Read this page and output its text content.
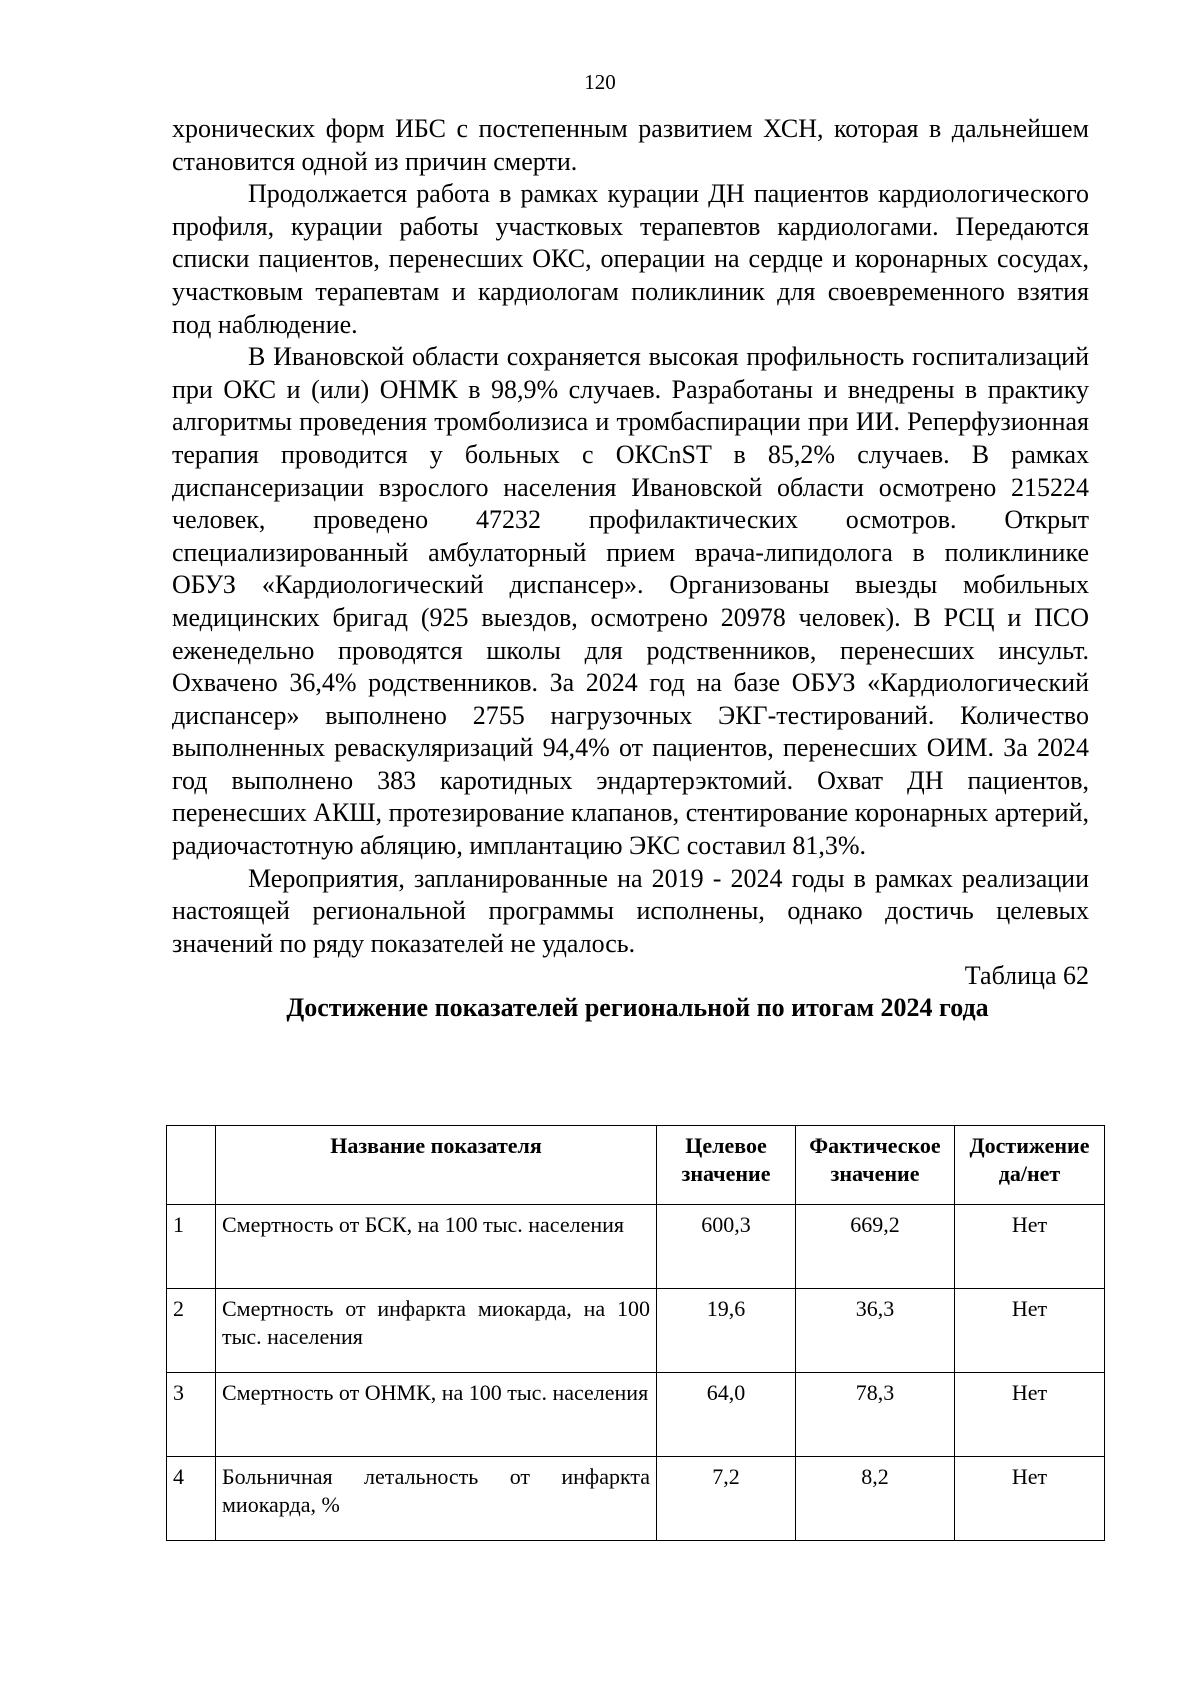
120

хронических форм ИБС с постепенным развитием ХСН, которая в дальнейшем становится одной из причин смерти.

Продолжается работа в рамках курации ДН пациентов кардиологического профиля, курации работы участковых терапевтов кардиологами. Передаются списки пациентов, перенесших ОКС, операции на сердце и коронарных сосудах, участковым терапевтам и кардиологам поликлиник для своевременного взятия под наблюдение.

В Ивановской области сохраняется высокая профильность госпитализаций при ОКС и (или) ОНМК в 98,9% случаев. Разработаны и внедрены в практику алгоритмы проведения тромболизиса и тромбаспирации при ИИ. Реперфузионная терапия проводится у больных с ОКСnST в 85,2% случаев. В рамках диспансеризации взрослого населения Ивановской области осмотрено 215224 человек, проведено 47232 профилактических осмотров. Открыт специализированный амбулаторный прием врача-липидолога в поликлинике ОБУЗ «Кардиологический диспансер». Организованы выезды мобильных медицинских бригад (925 выездов, осмотрено 20978 человек). В РСЦ и ПСО еженедельно проводятся школы для родственников, перенесших инсульт. Охвачено 36,4% родственников. За 2024 год на базе ОБУЗ «Кардиологический диспансер» выполнено 2755 нагрузочных ЭКГ-тестирований. Количество выполненных реваскуляризаций 94,4% от пациентов, перенесших ОИМ. За 2024 год выполнено 383 каротидных эндартерэктомий. Охват ДН пациентов, перенесших АКШ, протезирование клапанов, стентирование коронарных артерий, радиочастотную абляцию, имплантацию ЭКС составил 81,3%.

Мероприятия, запланированные на 2019 - 2024 годы в рамках реализации настоящей региональной программы исполнены, однако достичь целевых значений по ряду показателей не удалось.

Таблица 62

Достижение показателей региональной по итогам 2024 года

	Название показателя	Целевое значение	Фактическое значение	Достижение да/нет
1	Смертность от БСК, на 100 тыс. населения	600,3	669,2	Нет
2	Смертность от инфаркта миокарда, на 100 тыс. населения	19,6	36,3	Нет
3	Смертность от ОНМК, на 100 тыс. населения	64,0	78,3	Нет
4	Больничная летальность от инфаркта миокарда, %	7,2	8,2	Нет
